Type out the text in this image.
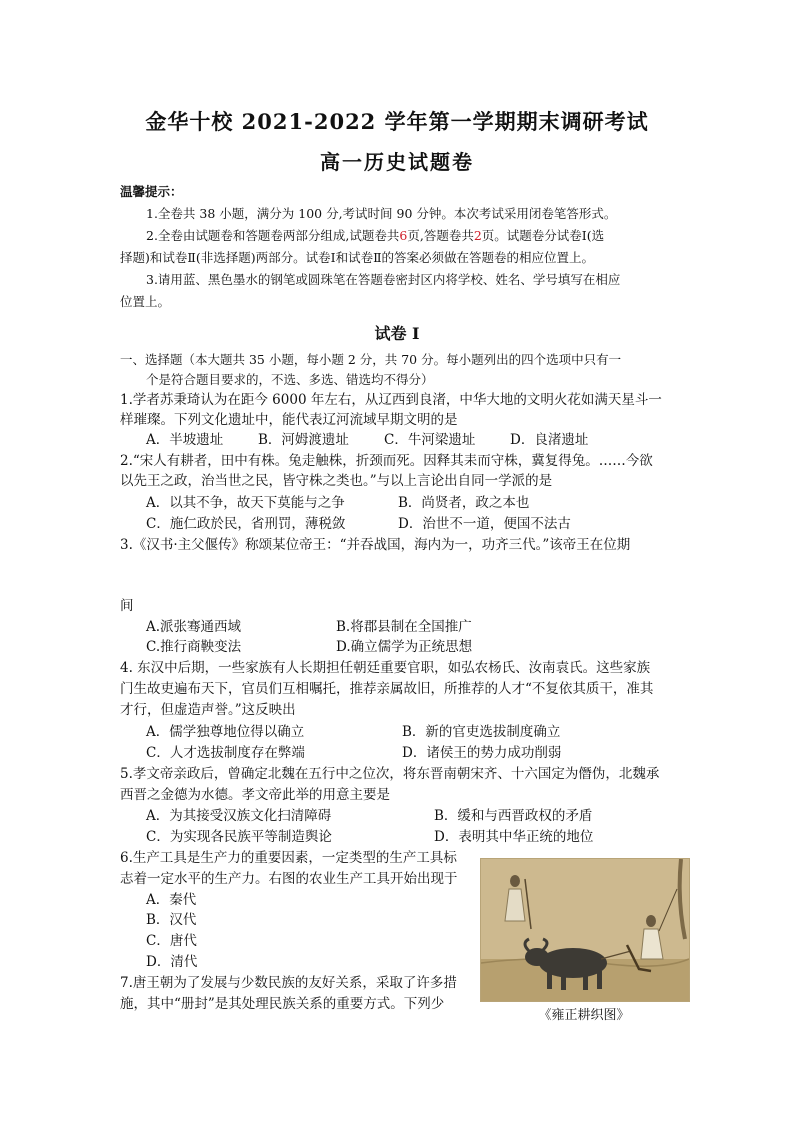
金华十校 2021-2022 学年第一学期期末调研考试
高一历史试题卷
温馨提示：
1.全卷共 38 小题，满分为 100 分,考试时间 90 分钟。本次考试采用闭卷笔答形式。
2.全卷由试题卷和答题卷两部分组成,试题卷共6页,答题卷共2页。试题卷分试卷Ⅰ(选
择题)和试卷Ⅱ(非选择题)两部分。试卷Ⅰ和试卷Ⅱ的答案必须做在答题卷的相应位置上。
3.请用蓝、黑色墨水的钢笔或圆珠笔在答题卷密封区内将学校、姓名、学号填写在相应
位置上。
试卷 I
一、选择题（本大题共 35 小题，每小题 2 分，共 70 分。每小题列出的四个选项中只有一
个是符合题目要求的，不选、多选、错选均不得分）
1.学者苏秉琦认为在距今 6000 年左右，从辽西到良渚，中华大地的文明火花如满天星斗一
样璀璨。下列文化遗址中，能代表辽河流域早期文明的是
A．半坡遗址	B．河姆渡遗址	C．牛河梁遗址	D．良渚遗址
2.“宋人有耕者，田中有株。兔走触株，折颈而死。因释其耒而守株，冀复得兔。……今欲
以先王之政，治当世之民，皆守株之类也。”与以上言论出自同一学派的是
A．以其不争，故天下莫能与之争	B．尚贤者，政之本也
C．施仁政於民，省刑罚，薄税敛	D．治世不一道，便国不法古
3.《汉书·主父偃传》称颂某位帝王：“并吞战国，海内为一，功齐三代。”该帝王在位期
间
A.派张骞通西域	B.将郡县制在全国推广
C.推行商鞅变法	D.确立儒学为正统思想
4. 东汉中后期，一些家族有人长期担任朝廷重要官职，如弘农杨氏、汝南袁氏。这些家族
门生故吏遍布天下，官员们互相嘱托，推荐亲属故旧，所推荐的人才“不复依其质干，准其
才行，但虚造声誉。”这反映出
A．儒学独尊地位得以确立	B．新的官吏选拔制度确立
C．人才选拔制度存在弊端	D．诸侯王的势力成功削弱
5.孝文帝亲政后，曾确定北魏在五行中之位次，将东晋南朝宋齐、十六国定为僭伪，北魏承
西晋之金德为水德。孝文帝此举的用意主要是
A．为其接受汉族文化扫清障碍	B．缓和与西晋政权的矛盾
C．为实现各民族平等制造舆论	D．表明其中华正统的地位
6.生产工具是生产力的重要因素，一定类型的生产工具标
志着一定水平的生产力。右图的农业生产工具开始出现于
A．秦代
B．汉代
C．唐代
D．清代
7.唐王朝为了发展与少数民族的友好关系，采取了许多措
施，其中“册封”是其处理民族关系的重要方式。下列少
《雍正耕织图》
